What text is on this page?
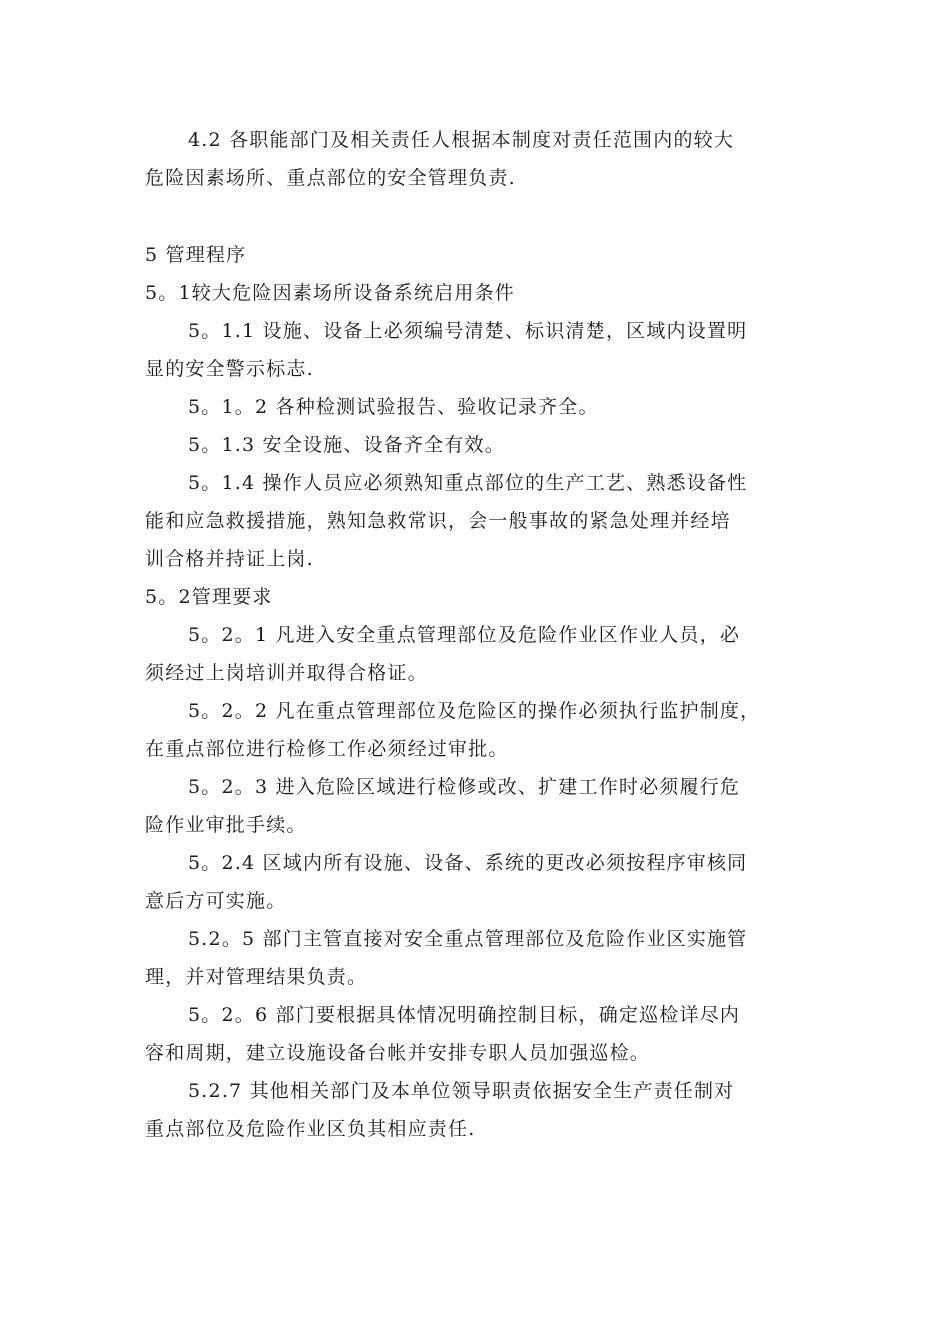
4.2 各职能部门及相关责任人根据本制度对责任范围内的较大
危险因素场所、重点部位的安全管理负责.
5 管理程序
5。1较大危险因素场所设备系统启用条件
5。1.1 设施、设备上必须编号清楚、标识清楚，区域内设置明
显的安全警示标志.
5。1。2 各种检测试验报告、验收记录齐全。
5。1.3 安全设施、设备齐全有效。
5。1.4 操作人员应必须熟知重点部位的生产工艺、熟悉设备性
能和应急救援措施，熟知急救常识，会一般事故的紧急处理并经培
训合格并持证上岗.
5。2管理要求
5。2。1 凡进入安全重点管理部位及危险作业区作业人员，必
须经过上岗培训并取得合格证。
5。2。2 凡在重点管理部位及危险区的操作必须执行监护制度，
在重点部位进行检修工作必须经过审批。
5。2。3 进入危险区域进行检修或改、扩建工作时必须履行危
险作业审批手续。
5。2.4 区域内所有设施、设备、系统的更改必须按程序审核同
意后方可实施。
5.2。5 部门主管直接对安全重点管理部位及危险作业区实施管
理，并对管理结果负责。
5。2。6 部门要根据具体情况明确控制目标，确定巡检详尽内
容和周期，建立设施设备台帐并安排专职人员加强巡检。
5.2.7 其他相关部门及本单位领导职责依据安全生产责任制对
重点部位及危险作业区负其相应责任.
